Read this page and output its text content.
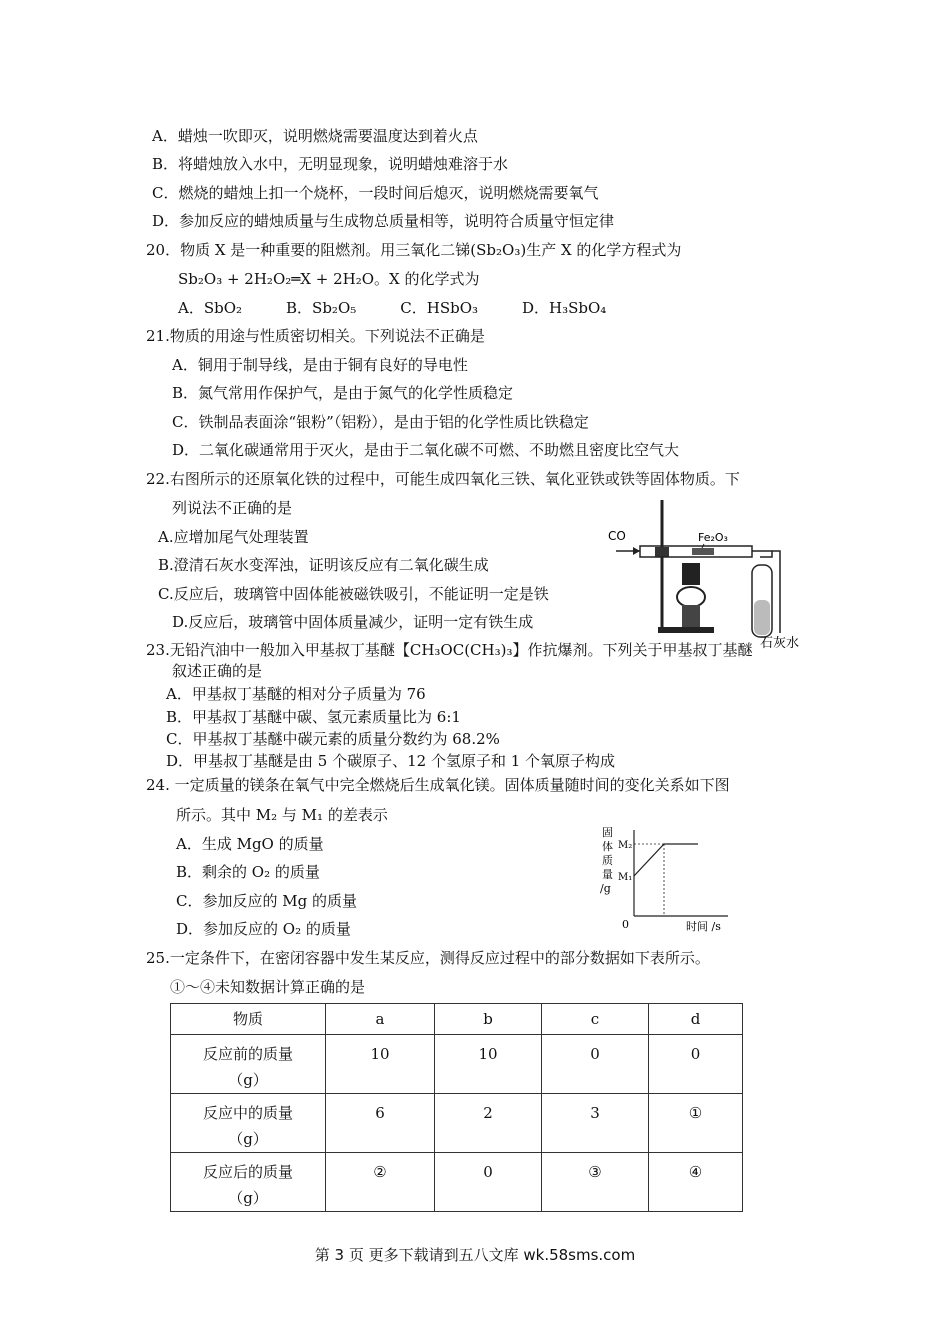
A．蜡烛一吹即灭，说明燃烧需要温度达到着火点
B．将蜡烛放入水中，无明显现象，说明蜡烛难溶于水
C．燃烧的蜡烛上扣一个烧杯，一段时间后熄灭，说明燃烧需要氧气
D．参加反应的蜡烛质量与生成物总质量相等，说明符合质量守恒定律
20．物质 X 是一种重要的阻燃剂。用三氧化二锑(Sb₂O₃)生产 X 的化学方程式为
Sb₂O₃ + 2H₂O₂═X + 2H₂O。X 的化学式为
A．SbO₂	B．Sb₂O₅	C．HSbO₃	D．H₃SbO₄
21.物质的用途与性质密切相关。下列说法不正确是
A．铜用于制导线，是由于铜有良好的导电性
B．氮气常用作保护气，是由于氮气的化学性质稳定
C．铁制品表面涂“银粉”（铝粉），是由于铝的化学性质比铁稳定
D．二氧化碳通常用于灭火，是由于二氧化碳不可燃、不助燃且密度比空气大
22.右图所示的还原氧化铁的过程中，可能生成四氧化三铁、氧化亚铁或铁等固体物质。下
列说法不正确的是
A.应增加尾气处理装置
B.澄清石灰水变浑浊，证明该反应有二氧化碳生成
C.反应后，玻璃管中固体能被磁铁吸引，不能证明一定是铁
D.反应后，玻璃管中固体质量减少，证明一定有铁生成
CO	Fe₂O₃
石灰水
23.无铅汽油中一般加入甲基叔丁基醚【CH₃OC(CH₃)₃】作抗爆剂。下列关于甲基叔丁基醚
叙述正确的是
A．甲基叔丁基醚的相对分子质量为 76
B．甲基叔丁基醚中碳、氢元素质量比为 6:1
C．甲基叔丁基醚中碳元素的质量分数约为 68.2%
D．甲基叔丁基醚是由 5 个碳原子、12 个氢原子和 1 个氧原子构成
24. 一定质量的镁条在氧气中完全燃烧后生成氧化镁。固体质量随时间的变化关系如下图
所示。其中 M₂ 与 M₁ 的差表示
A．生成 MgO 的质量
B．剩余的 O₂ 的质量
C．参加反应的 Mg 的质量
D．参加反应的 O₂ 的质量
固
体
质
量
/g
M₂
M₁
0	时间 /s
25.一定条件下，在密闭容器中发生某反应，测得反应过程中的部分数据如下表所示。
①～④未知数据计算正确的是
物质	a	b	c	d

反应前的质量
（g）	10	10	0	0

反应中的质量
（g）	6	2	3	①

反应后的质量
（g）	②	0	③	④
第 3 页 更多下载请到五八文库 wk.58sms.com
